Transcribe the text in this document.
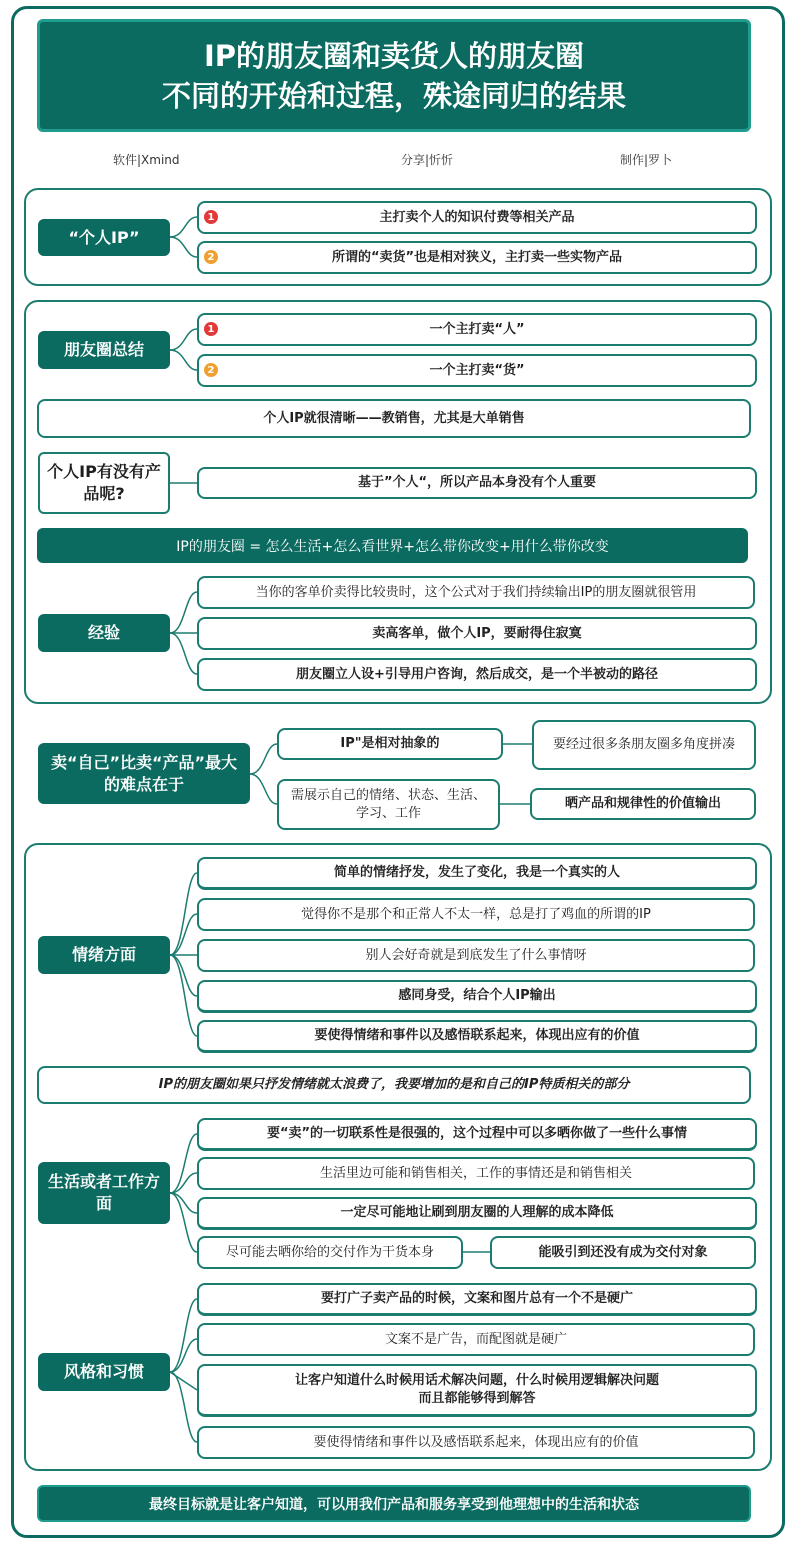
IP的朋友圈和卖货人的朋友圈
不同的开始和过程，殊途同归的结果
软件|Xmind	分享|忻忻	制作|罗卜
“个人IP”
主打卖个人的知识付费等相关产品
1
所谓的“卖货”也是相对狭义，主打卖一些实物产品
2
朋友圈总结
一个主打卖“人”
1
一个主打卖“货”
2
个人IP就很清晰——教销售，尤其是大单销售
个人IP有没有产品呢?
基于”个人“，所以产品本身没有个人重要
IP的朋友圈 = 怎么生活+怎么看世界+怎么带你改变+用什么带你改变
经验
当你的客单价卖得比较贵时，这个公式对于我们持续输出IP的朋友圈就很管用
卖高客单，做个人IP，要耐得住寂寞
朋友圈立人设+引导用户咨询，然后成交，是一个半被动的路径
卖“自己”比卖“产品”最大的难点在于
IP"是相对抽象的	要经过很多条朋友圈多角度拼凑
需展示自己的情绪、状态、生活、学习、工作
晒产品和规律性的价值输出
情绪方面
简单的情绪抒发，发生了变化，我是一个真实的人
觉得你不是那个和正常人不太一样，总是打了鸡血的所谓的IP
别人会好奇就是到底发生了什么事情呀
感同身受，结合个人IP输出
要使得情绪和事件以及感悟联系起来，体现出应有的价值
IP的朋友圈如果只抒发情绪就太浪费了，我要增加的是和自己的IP特质相关的部分
生活或者工作方面
要“卖”的一切联系性是很强的，这个过程中可以多晒你做了一些什么事情
生活里边可能和销售相关，工作的事情还是和销售相关
一定尽可能地让刷到朋友圈的人理解的成本降低
尽可能去晒你给的交付作为干货本身	能吸引到还没有成为交付对象
风格和习惯
要打广子卖产品的时候，文案和图片总有一个不是硬广
文案不是广告，而配图就是硬广
让客户知道什么时候用话术解决问题，什么时候用逻辑解决问题
而且都能够得到解答
要使得情绪和事件以及感悟联系起来，体现出应有的价值
最终目标就是让客户知道，可以用我们产品和服务享受到他理想中的生活和状态
